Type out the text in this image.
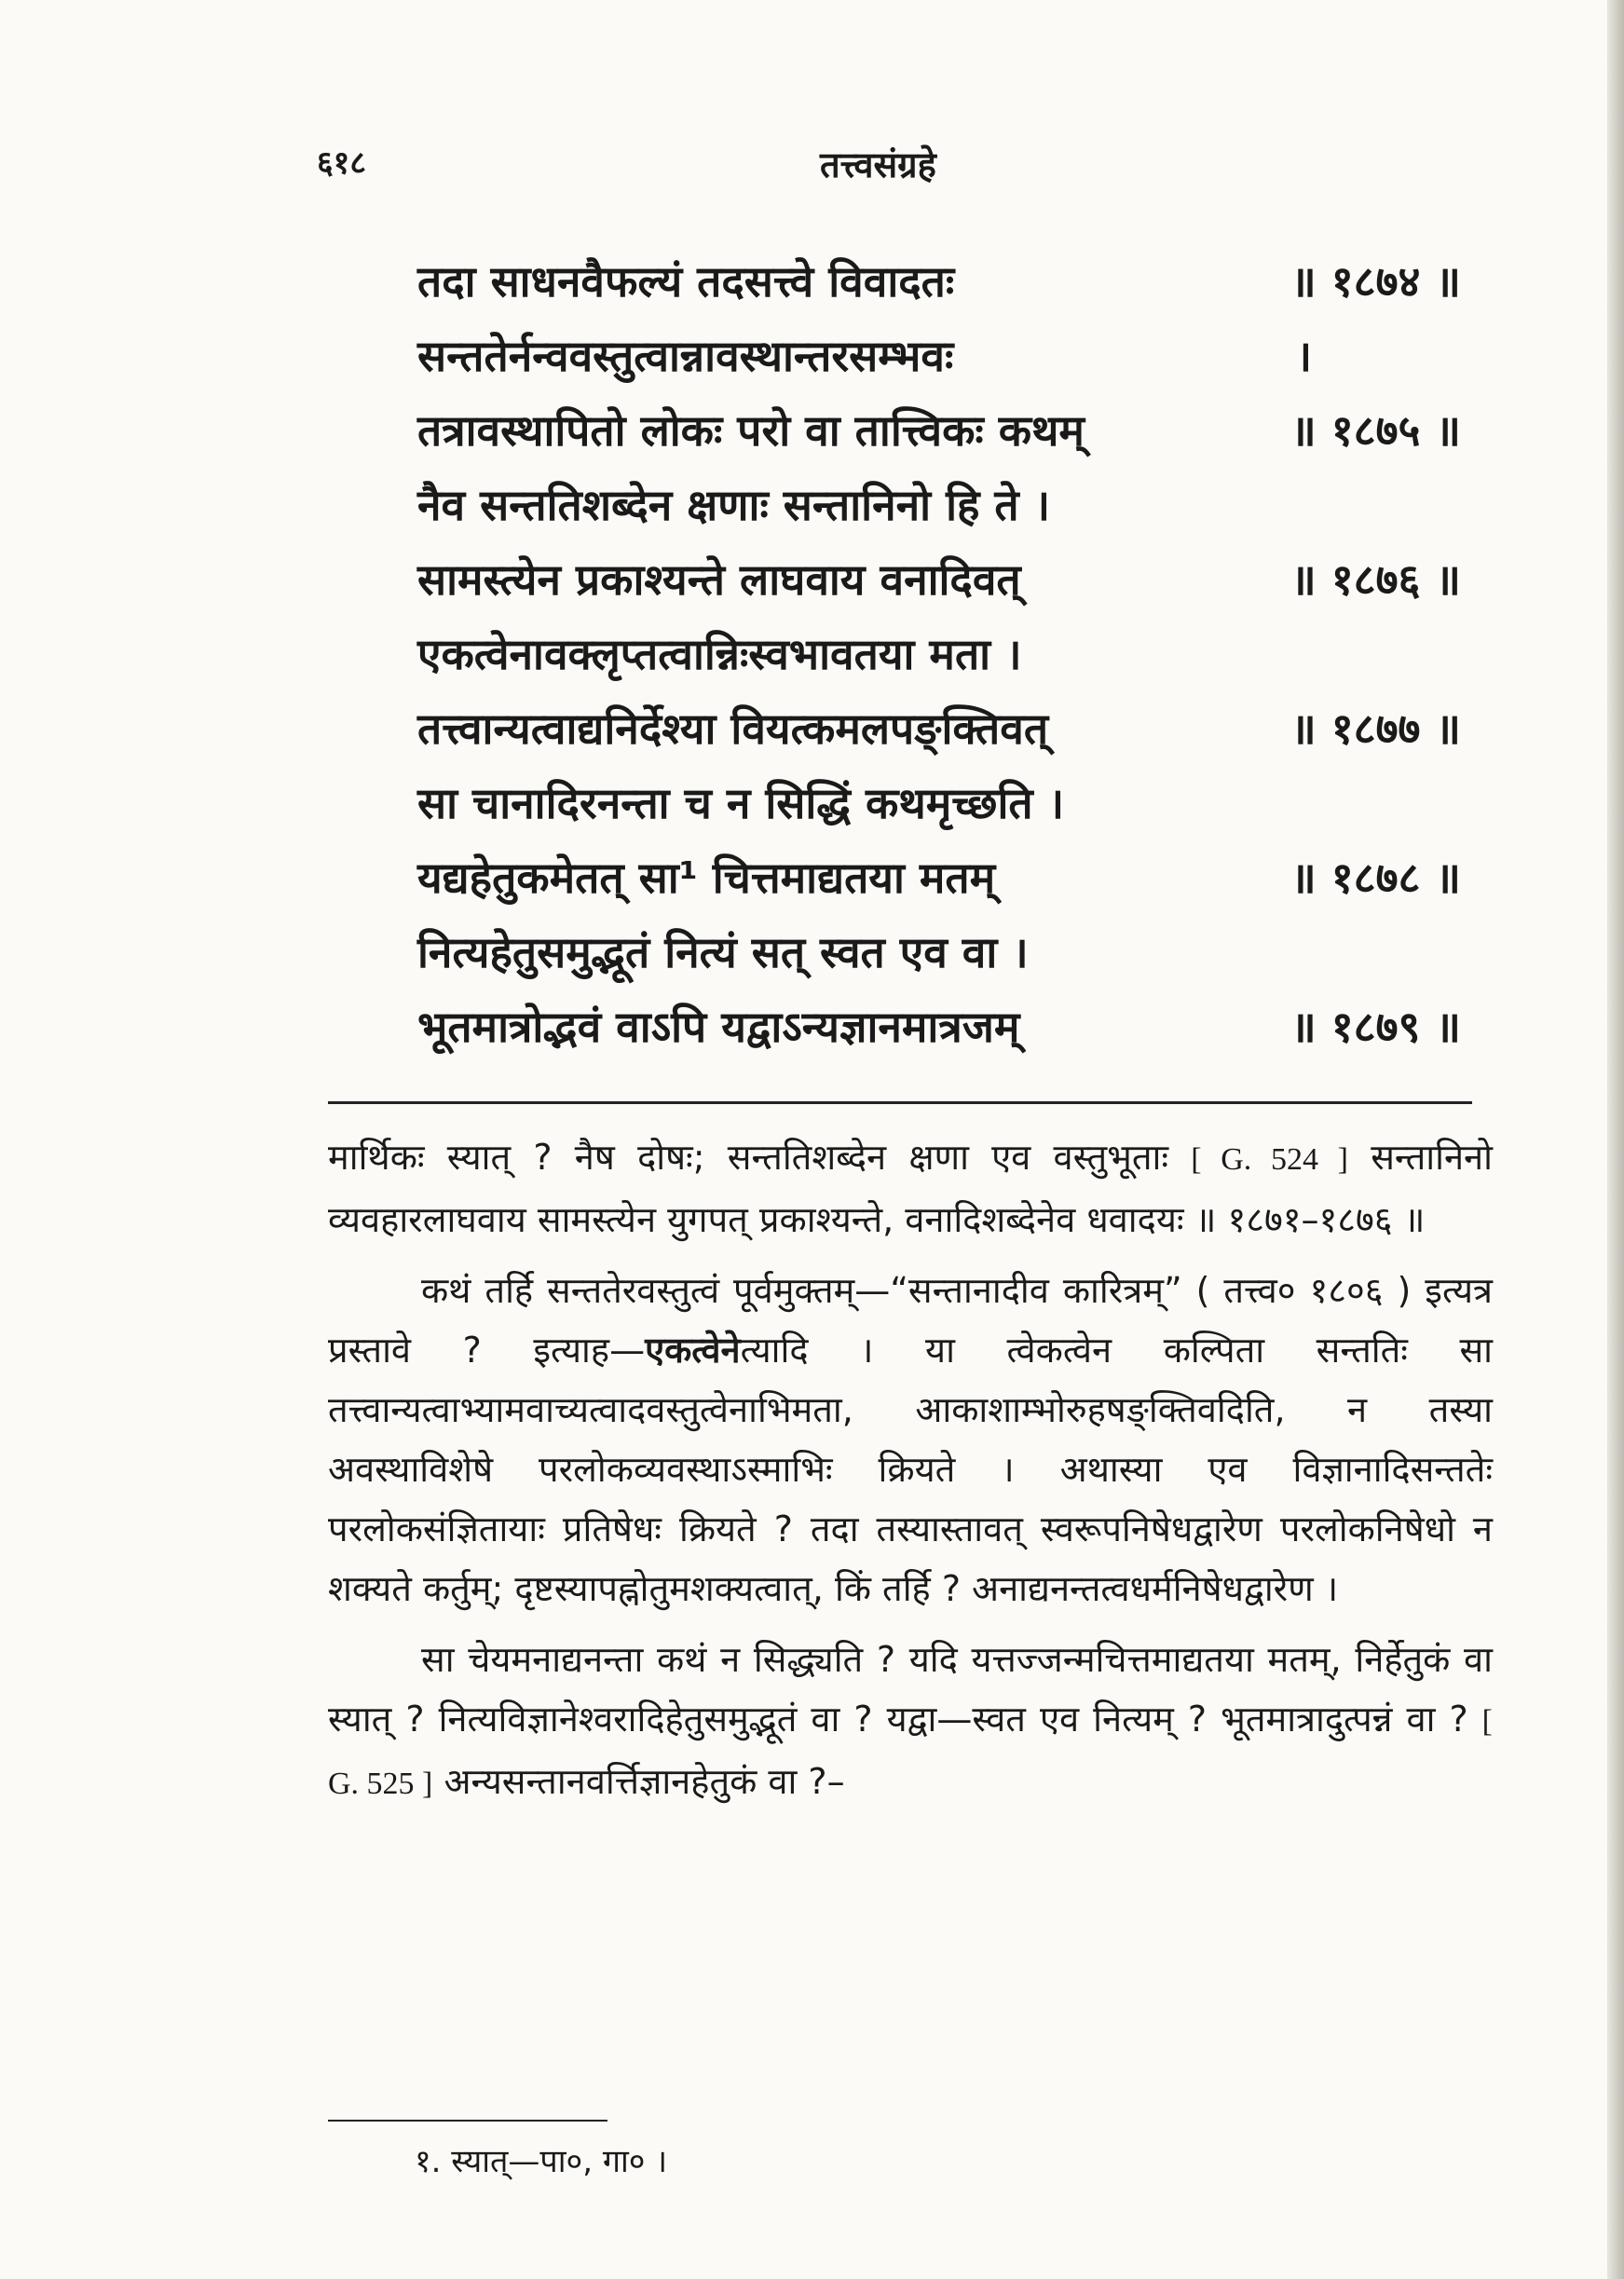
६१८	तत्त्वसंग्रहे
तदा साधनवैफल्यं तदसत्त्वे विवादतः	॥ १८७४ ॥
सन्ततेर्नन्ववस्तुत्वान्नावस्थान्तरसम्भवः	।
तत्रावस्थापितो लोकः परो वा तात्त्विकः कथम्	॥ १८७५ ॥
नैव सन्ततिशब्देन क्षणाः सन्तानिनो हि ते ।
सामस्त्येन प्रकाश्यन्ते लाघवाय वनादिवत्	॥ १८७६ ॥
एकत्वेनावक्लृप्तत्वान्निःस्वभावतया मता ।
तत्त्वान्यत्वाद्यनिर्देश्या वियत्कमलपङ्क्तिवत्	॥ १८७७ ॥
सा चानादिरनन्ता च न सिद्धिं कथमृच्छति ।
यद्यहेतुकमेतत् सा¹ चित्तमाद्यतया मतम्	॥ १८७८ ॥
नित्यहेतुसमुद्भूतं नित्यं सत् स्वत एव वा ।
भूतमात्रोद्भवं वाऽपि यद्वाऽन्यज्ञानमात्रजम्	॥ १८७९ ॥

मार्थिकः स्यात् ? नैष दोषः; सन्ततिशब्देन क्षणा एव वस्तुभूताः [ G. 524 ] सन्तानिनो व्यवहारलाघवाय सामस्त्येन युगपत् प्रकाश्यन्ते, वनादिशब्देनेव धवादयः ॥ १८७१–१८७६ ॥

कथं तर्हि सन्ततेरवस्तुत्वं पूर्वमुक्तम्—“सन्तानादीव कारित्रम्” ( तत्त्व० १८०६ ) इत्यत्र प्रस्तावे ? इत्याह—एकत्वेनेत्यादि । या त्वेकत्वेन कल्पिता सन्ततिः सा तत्त्वान्यत्वाभ्यामवाच्यत्वादवस्तुत्वेनाभिमता, आकाशाम्भोरुहषङ्क्तिवदिति, न तस्या अवस्थाविशेषे परलोकव्यवस्थाऽस्माभिः क्रियते । अथास्या एव विज्ञानादिसन्ततेः परलोकसंज्ञितायाः प्रतिषेधः क्रियते ? तदा तस्यास्तावत् स्वरूपनिषेधद्वारेण परलोकनिषेधो न शक्यते कर्तुम्; दृष्टस्यापह्नोतुमशक्यत्वात्, किं तर्हि ? अनाद्यनन्तत्वधर्मनिषेधद्वारेण ।

सा चेयमनाद्यनन्ता कथं न सिद्ध्यति ? यदि यत्तज्जन्मचित्तमाद्यतया मतम्, निर्हेतुकं वा स्यात् ? नित्यविज्ञानेश्वरादिहेतुसमुद्भूतं वा ? यद्वा—स्वत एव नित्यम् ? भूतमात्रादुत्पन्नं वा ? [ G. 525 ] अन्यसन्तानवर्त्तिज्ञानहेतुकं वा ?–

१. स्यात्—पा०, गा० ।
